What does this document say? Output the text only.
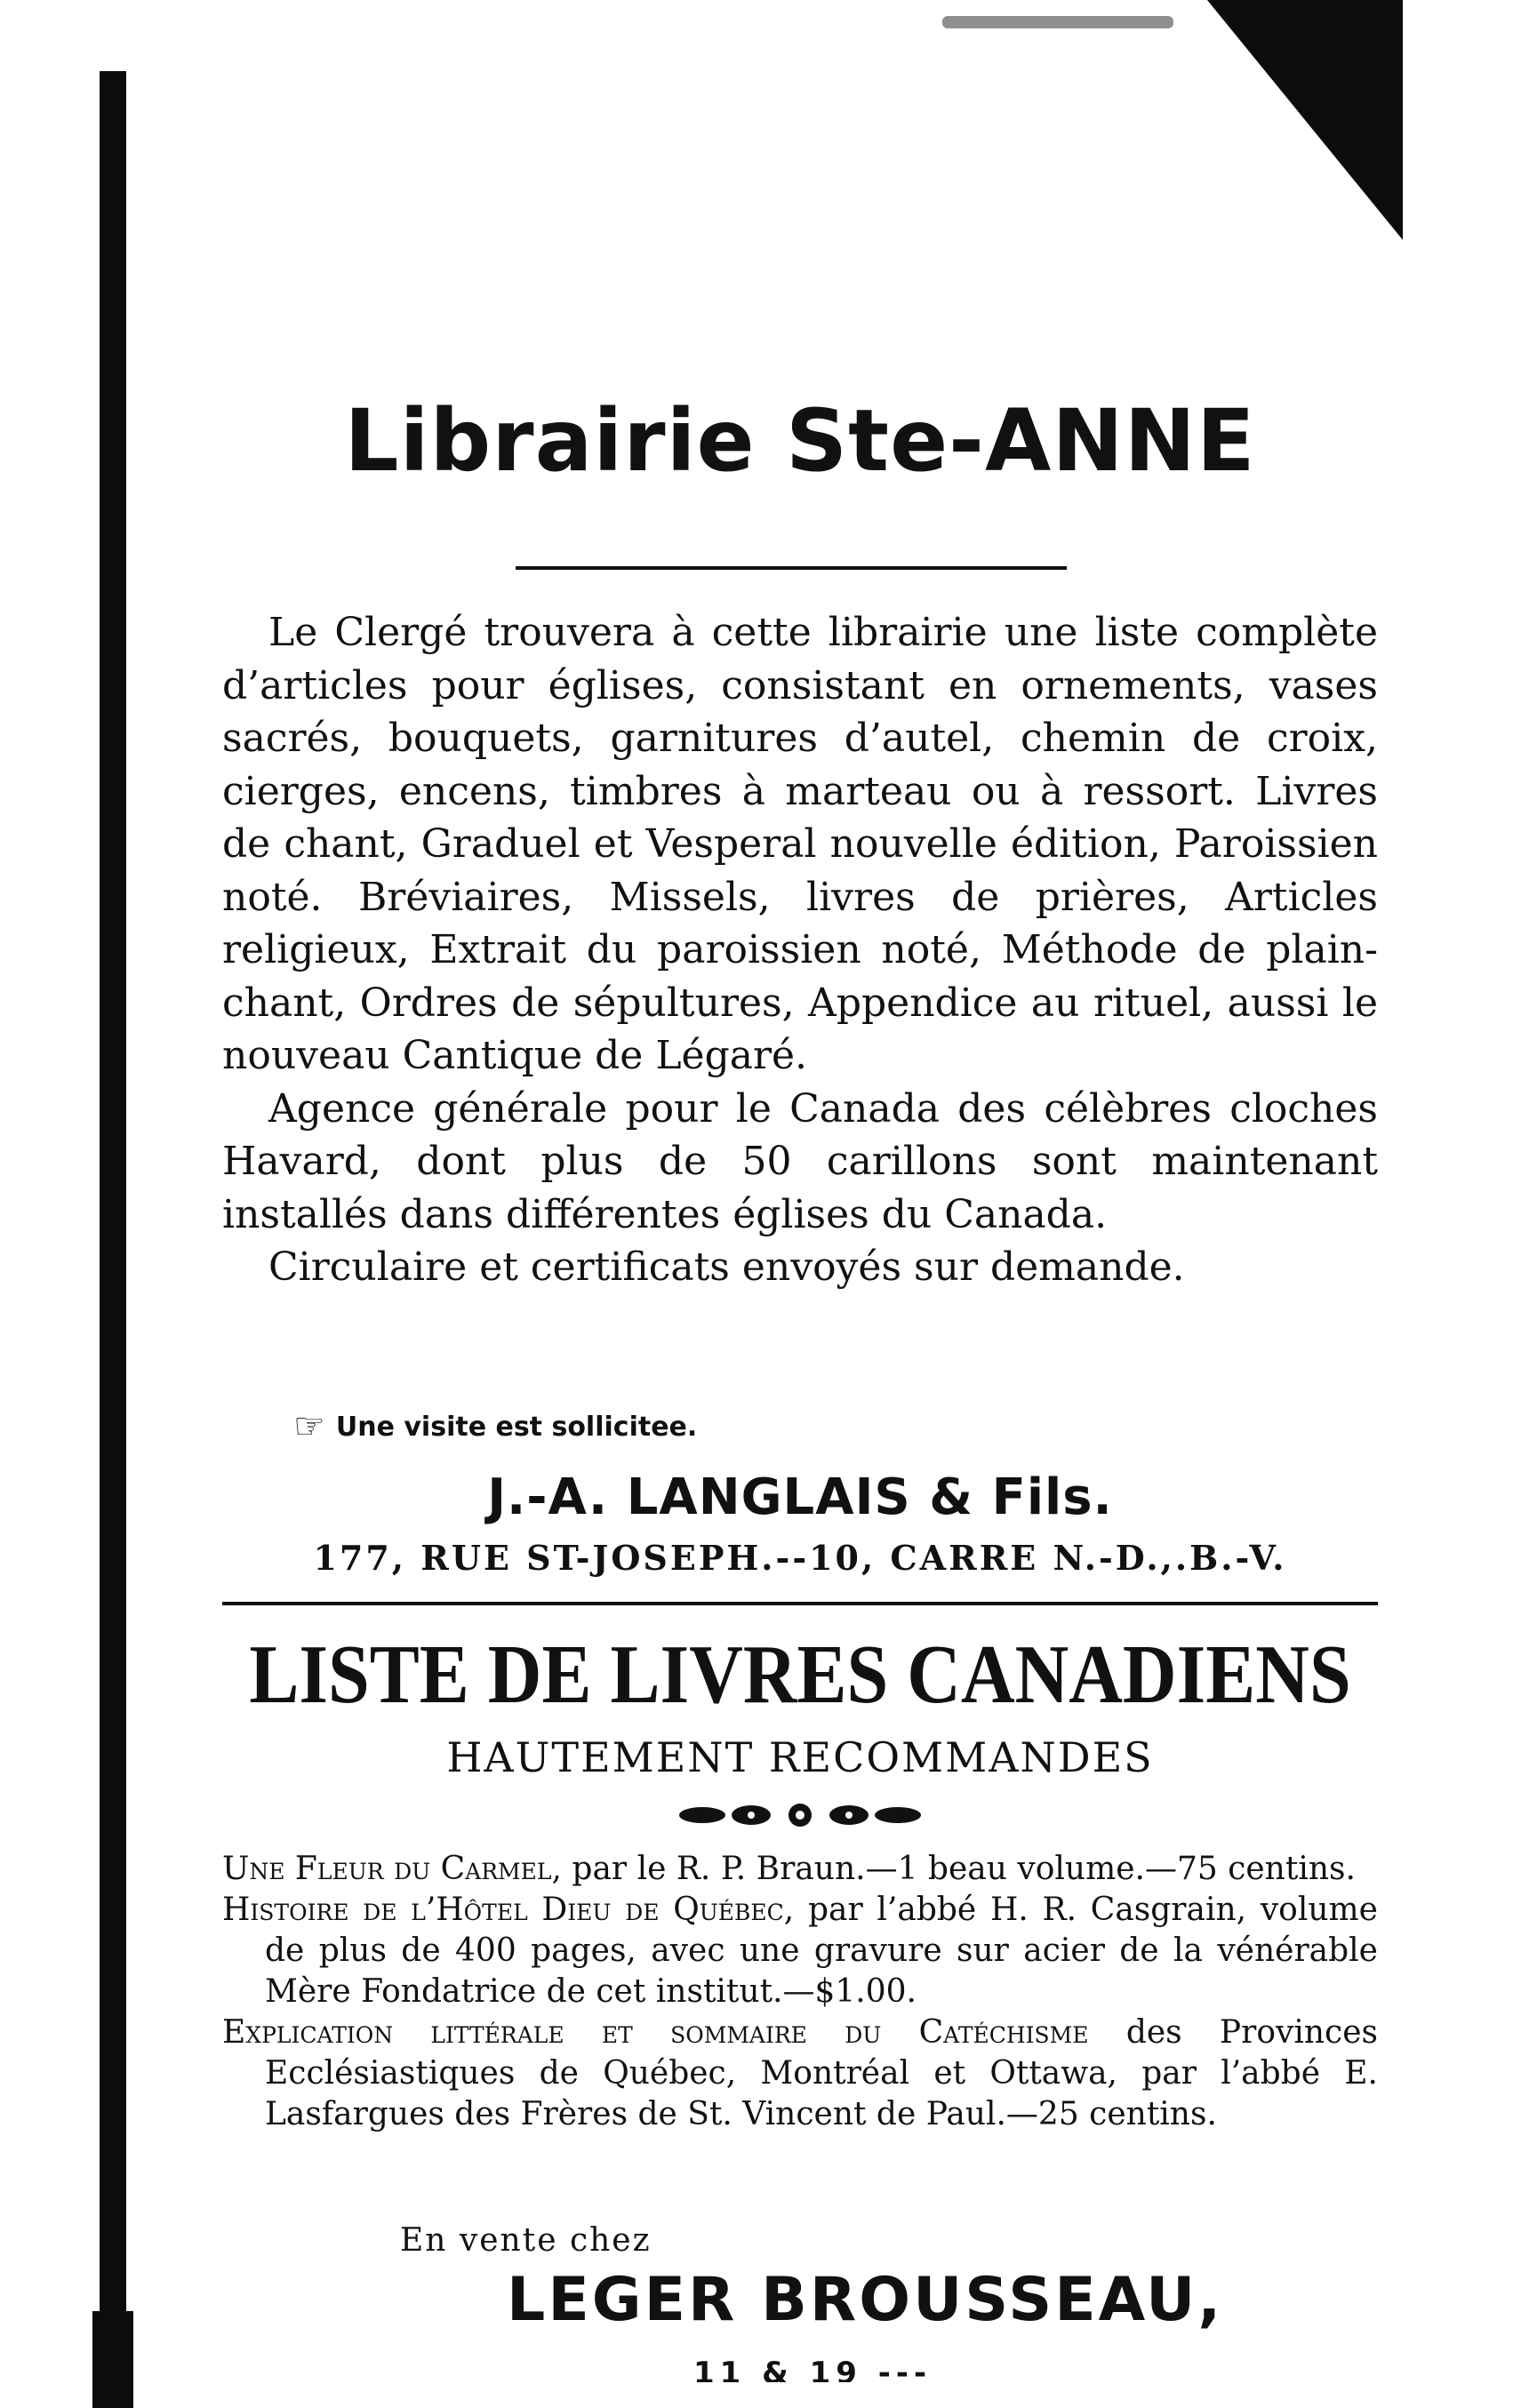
Librairie Ste-ANNE

Le Clergé trouvera à cette librairie une liste complète d’articles pour églises, consistant en ornements, vases sacrés, bouquets, garnitures d’autel, chemin de croix, cierges, encens, timbres à marteau ou à ressort. Livres de chant, Graduel et Vesperal nouvelle édition, Paroissien noté. Bréviaires, Missels, livres de prières, Articles religieux, Extrait du paroissien noté, Méthode de plain-chant, Ordres de sépultures, Appendice au rituel, aussi le nouveau Cantique de Légaré.

Agence générale pour le Canada des célèbres cloches Havard, dont plus de 50 carillons sont maintenant installés dans différentes églises du Canada.

Circulaire et certificats envoyés sur demande.

☞ Une visite est sollicitee.
J.-A. LANGLAIS & Fils.
177, RUE ST-JOSEPH.--10, CARRE N.-D.,.B.-V.
LISTE DE LIVRES CANADIENS
HAUTEMENT RECOMMANDES

Une Fleur du Carmel, par le R. P. Braun.—1 beau volume.—75 centins.

Histoire de l’Hôtel Dieu de Québec, par l’abbé H. R. Casgrain, volume de plus de 400 pages, avec une gravure sur acier de la vénérable Mère Fondatrice de cet institut.—$1.00.

Explication littérale et sommaire du Catéchisme des Provinces Ecclésiastiques de Québec, Montréal et Ottawa, par l’abbé E. Lasfargues des Frères de St. Vincent de Paul.—25 centins.

En vente chez
LEGER BROUSSEAU,
11 & 19 ---
